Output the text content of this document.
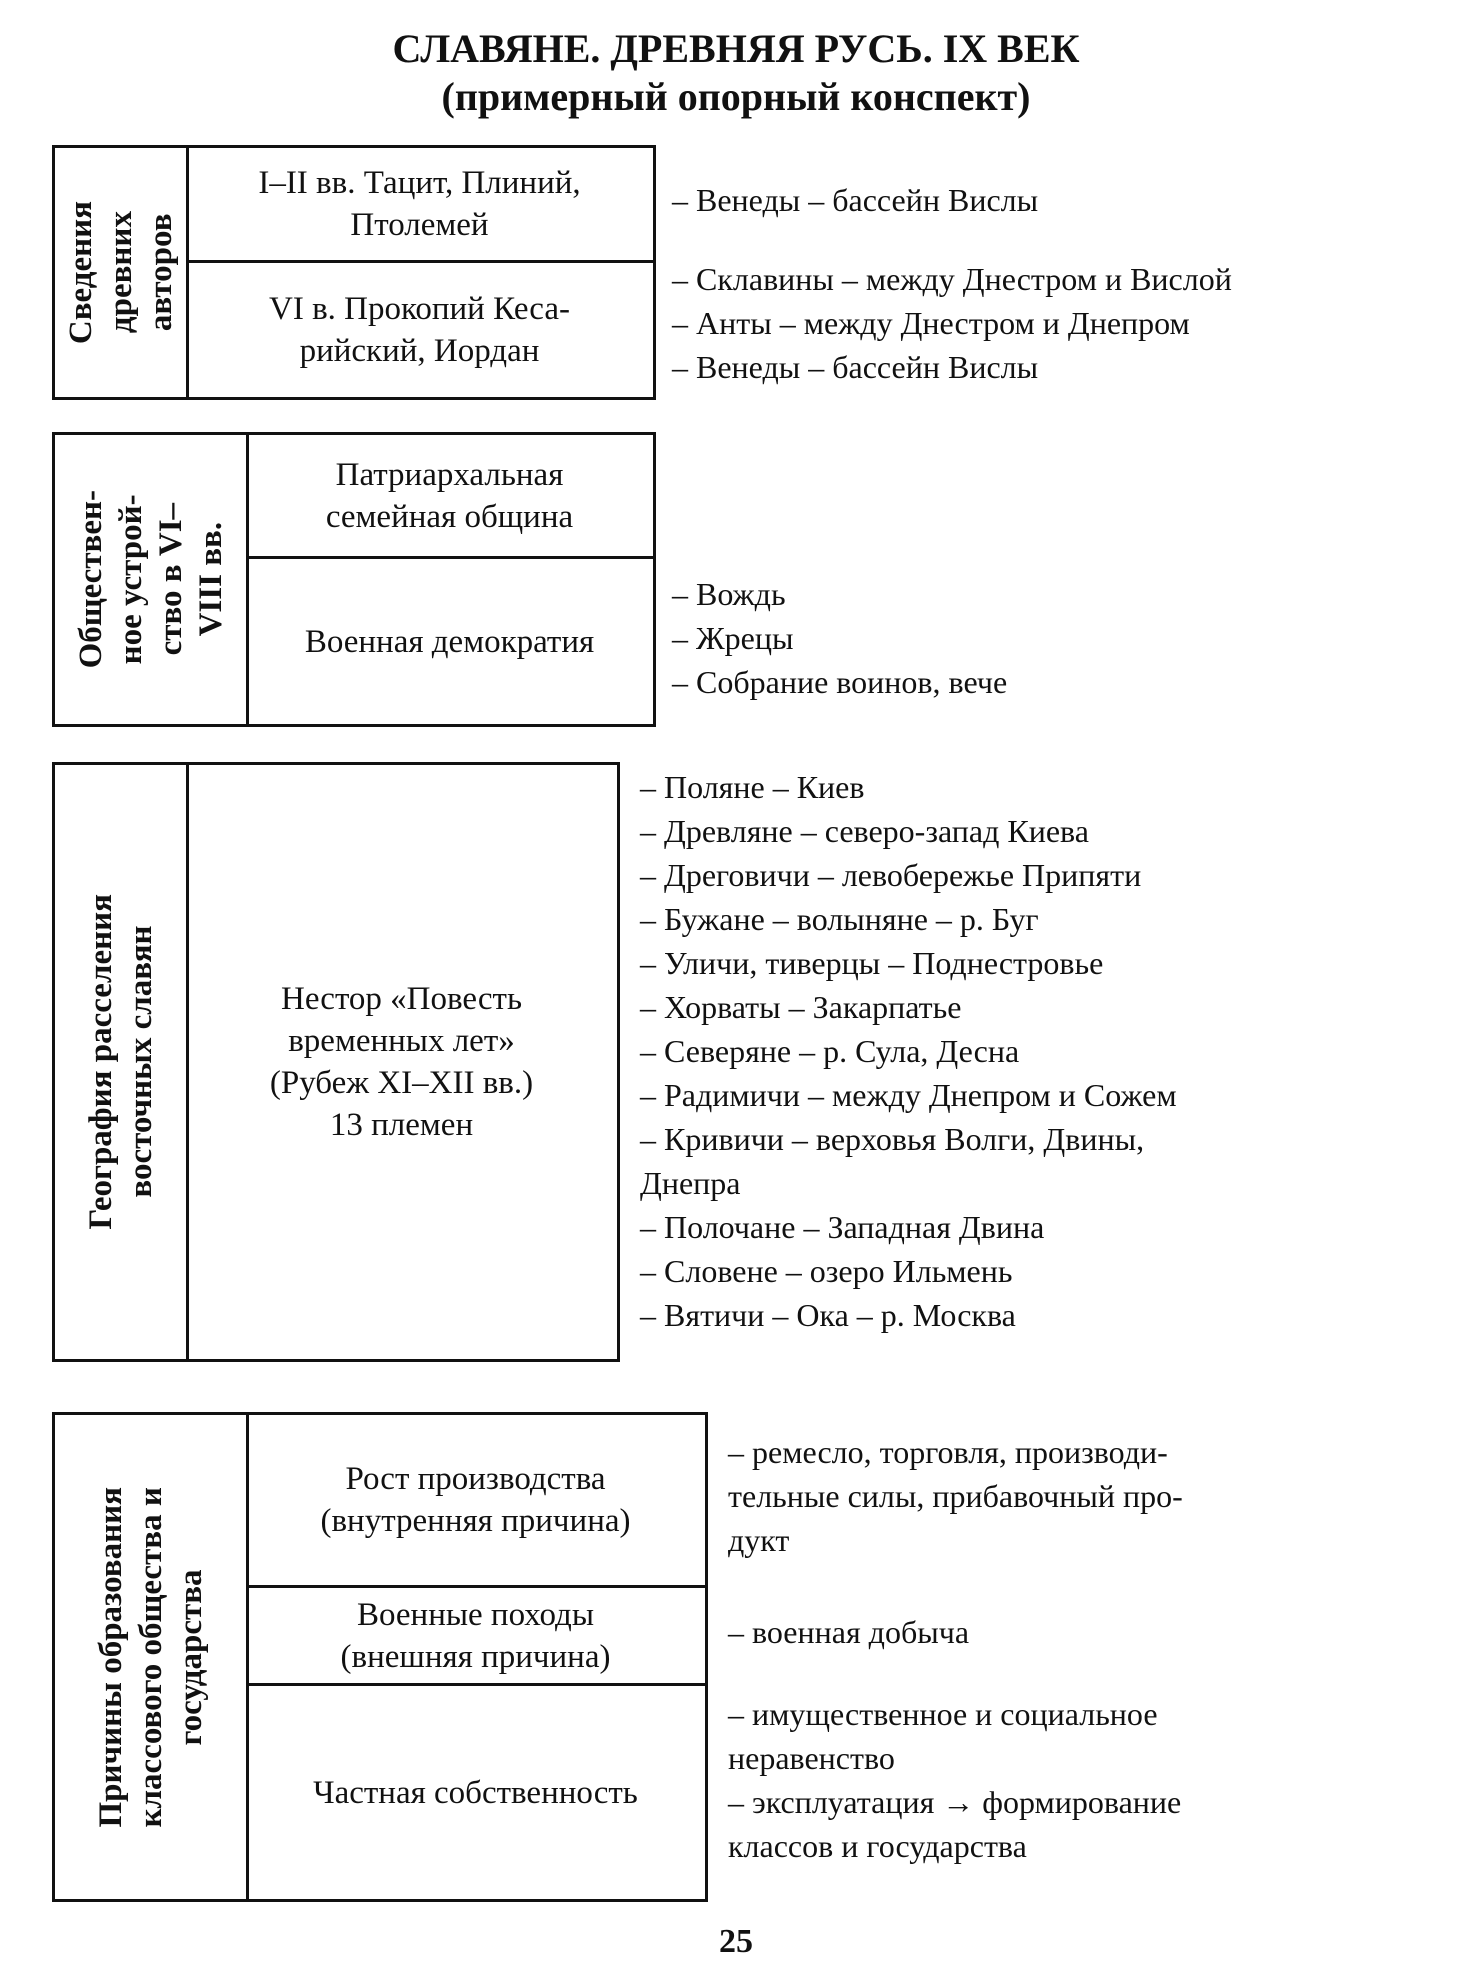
СЛАВЯНЕ. ДРЕВНЯЯ РУСЬ. IX ВЕК
(примерный опорный конспект)
Сведения
древних
авторов
I–II вв. Тацит, Плиний,
Птолемей
VI в. Прокопий Кеса-
рийский, Иордан
– Венеды – бассейн Вислы
– Склавины – между Днестром и Вислой
– Анты – между Днестром и Днепром
– Венеды – бассейн Вислы
Обществен-
ное устрой-
ство в VI–
VIII вв.
Патриархальная
семейная община
Военная демократия
– Вождь
– Жрецы
– Собрание воинов, вече
География расселения
восточных славян	Нестор «Повесть
временных лет»
(Рубеж XI–XII вв.)
13 племен
– Поляне – Киев
– Древляне – северо-запад Киева
– Дреговичи – левобережье Припяти
– Бужане – волыняне – р. Буг
– Уличи, тиверцы – Поднестровье
– Хорваты – Закарпатье
– Северяне – р. Сула, Десна
– Радимичи – между Днепром и Сожем
– Кривичи – верховья Волги, Двины,
Днепра
– Полочане – Западная Двина
– Словене – озеро Ильмень
– Вятичи – Ока – р. Москва
Причины образования
классового общества и
государства
Рост производства
(внутренняя причина)
Военные походы
(внешняя причина)
Частная собственность
– ремесло, торговля, производи-
тельные силы, прибавочный про-
дукт
– военная добыча
– имущественное и социальное
неравенство
– эксплуатация → формирование
классов и государства
25
